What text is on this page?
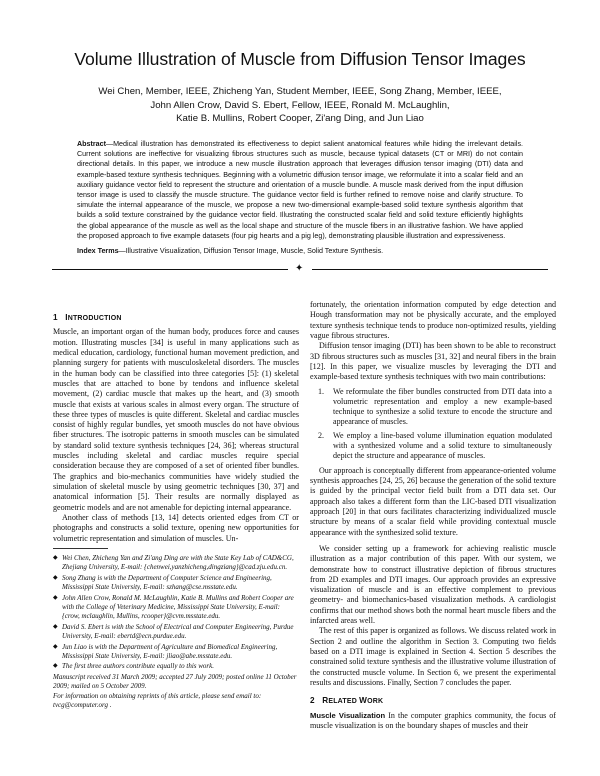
Volume Illustration of Muscle from Diffusion Tensor Images
Wei Chen, Member, IEEE, Zhicheng Yan, Student Member, IEEE, Song Zhang, Member, IEEE,
John Allen Crow, David S. Ebert, Fellow, IEEE, Ronald M. McLaughlin,
Katie B. Mullins, Robert Cooper, Zi'ang Ding, and Jun Liao
Abstract—Medical illustration has demonstrated its effectiveness to depict salient anatomical features while hiding the irrelevant details. Current solutions are ineffective for visualizing fibrous structures such as muscle, because typical datasets (CT or MRI) do not contain directional details. In this paper, we introduce a new muscle illustration approach that leverages diffusion tensor imaging (DTI) data and example-based texture synthesis techniques. Beginning with a volumetric diffusion tensor image, we reformulate it into a scalar field and an auxiliary guidance vector field to represent the structure and orientation of a muscle bundle. A muscle mask derived from the input diffusion tensor image is used to classify the muscle structure. The guidance vector field is further refined to remove noise and clarify structure. To simulate the internal appearance of the muscle, we propose a new two-dimensional example-based solid texture synthesis algorithm that builds a solid texture constrained by the guidance vector field. Illustrating the constructed scalar field and solid texture efficiently highlights the global appearance of the muscle as well as the local shape and structure of the muscle fibers in an illustrative fashion. We have applied the proposed approach to five example datasets (four pig hearts and a pig leg), demonstrating plausible illustration and expressiveness.
Index Terms—Illustrative Visualization, Diffusion Tensor Image, Muscle, Solid Texture Synthesis.
✦

1 INTRODUCTION

Muscle, an important organ of the human body, produces force and causes motion. Illustrating muscles [34] is useful in many applications such as medical education, cardiology, functional human movement prediction, and planning surgery for patients with musculoskeletal disorders. The muscles in the human body can be classified into three categories [5]: (1) skeletal muscles that are attached to bone by tendons and influence skeletal movement, (2) cardiac muscle that makes up the heart, and (3) smooth muscle that exists at various scales in almost every organ. The structure of these three types of muscles is quite different. Skeletal and cardiac muscles consist of highly regular bundles, yet smooth muscles do not have obvious fiber structures. The isotropic patterns in smooth muscles can be simulated by standard solid texture synthesis techniques [24, 36]; whereas structural muscles including skeletal and cardiac muscles require special consideration because they are composed of a set of oriented fiber bundles. The graphics and bio-mechanics communities have widely studied the simulation of skeletal muscle by using geometric techniques [30, 37] and anatomical information [5]. Their results are normally displayed as geometric models and are not amenable for depicting internal appearance.

Another class of methods [13, 14] detects oriented edges from CT or photographs and constructs a solid texture, opening new opportunities for volumetric representation and simulation of muscles. Un-

◆ Wei Chen, Zhicheng Yan and Zi'ang Ding are with the State Key Lab of CAD&CG, Zhejiang University, E-mail: {chenwei,yanzhicheng,dingziang}@cad.zju.edu.cn.
◆ Song Zhang is with the Department of Computer Science and Engineering, Mississippi State University, E-mail: szhang@cse.msstate.edu.
◆ John Allen Crow, Ronald M. McLaughlin, Katie B. Mullins and Robert Cooper are with the College of Veterinary Medicine, Mississippi State University, E-mail: {crow, mclaughlin, Mullins, rcooper}@cvm.msstate.edu.
◆ David S. Ebert is with the School of Electrical and Computer Engineering, Purdue University, E-mail: ebertd@ecn.purdue.edu.
◆ Jun Liao is with the Department of Agriculture and Biomedical Engineering, Mississippi State University, E-mail: jliao@abe.msstate.edu.
◆ The first three authors contribute equally to this work.

Manuscript received 31 March 2009; accepted 27 July 2009; posted online 11 October 2009; mailed on 5 October 2009.

For information on obtaining reprints of this article, please send email to: tvcg@computer.org .

fortunately, the orientation information computed by edge detection and Hough transformation may not be physically accurate, and the employed texture synthesis technique tends to produce non-optimized results, yielding vague fibrous structures.

Diffusion tensor imaging (DTI) has been shown to be able to reconstruct 3D fibrous structures such as muscles [31, 32] and neural fibers in the brain [12]. In this paper, we visualize muscles by leveraging the DTI and example-based texture synthesis techniques with two main contributions:

1. We reformulate the fiber bundles constructed from DTI data into a volumetric representation and employ a new example-based technique to synthesize a solid texture to encode the structure and appearance of muscles.
2. We employ a line-based volume illumination equation modulated with a synthesized volume and a solid texture to simultaneously depict the structure and appearance of muscles.

Our approach is conceptually different from appearance-oriented volume synthesis approaches [24, 25, 26] because the generation of the solid texture is guided by the principal vector field built from a DTI data set. Our approach also takes a different form than the LIC-based DTI visualization approach [20] in that ours facilitates characterizing individualized muscle structure by means of a scalar field while providing contextual muscle appearance with the synthesized solid texture.

We consider setting up a framework for achieving realistic muscle illustration as a major contribution of this paper. With our system, we demonstrate how to construct illustrative depiction of fibrous structures from 2D examples and DTI images. Our approach provides an expressive visualization of muscle and is an effective complement to previous geometry- and biomechanics-based visualization methods. A cardiologist confirms that our method shows both the normal heart muscle fibers and the infarcted areas well.

The rest of this paper is organized as follows. We discuss related work in Section 2 and outline the algorithm in Section 3. Computing two fields based on a DTI image is explained in Section 4. Section 5 describes the constrained solid texture synthesis and the illustrative volume illustration of the constructed muscle volume. In Section 6, we present the experimental results and discussions. Finally, Section 7 concludes the paper.

2 RELATED WORK

Muscle Visualization In the computer graphics community, the focus of muscle visualization is on the boundary shapes of muscles and their
